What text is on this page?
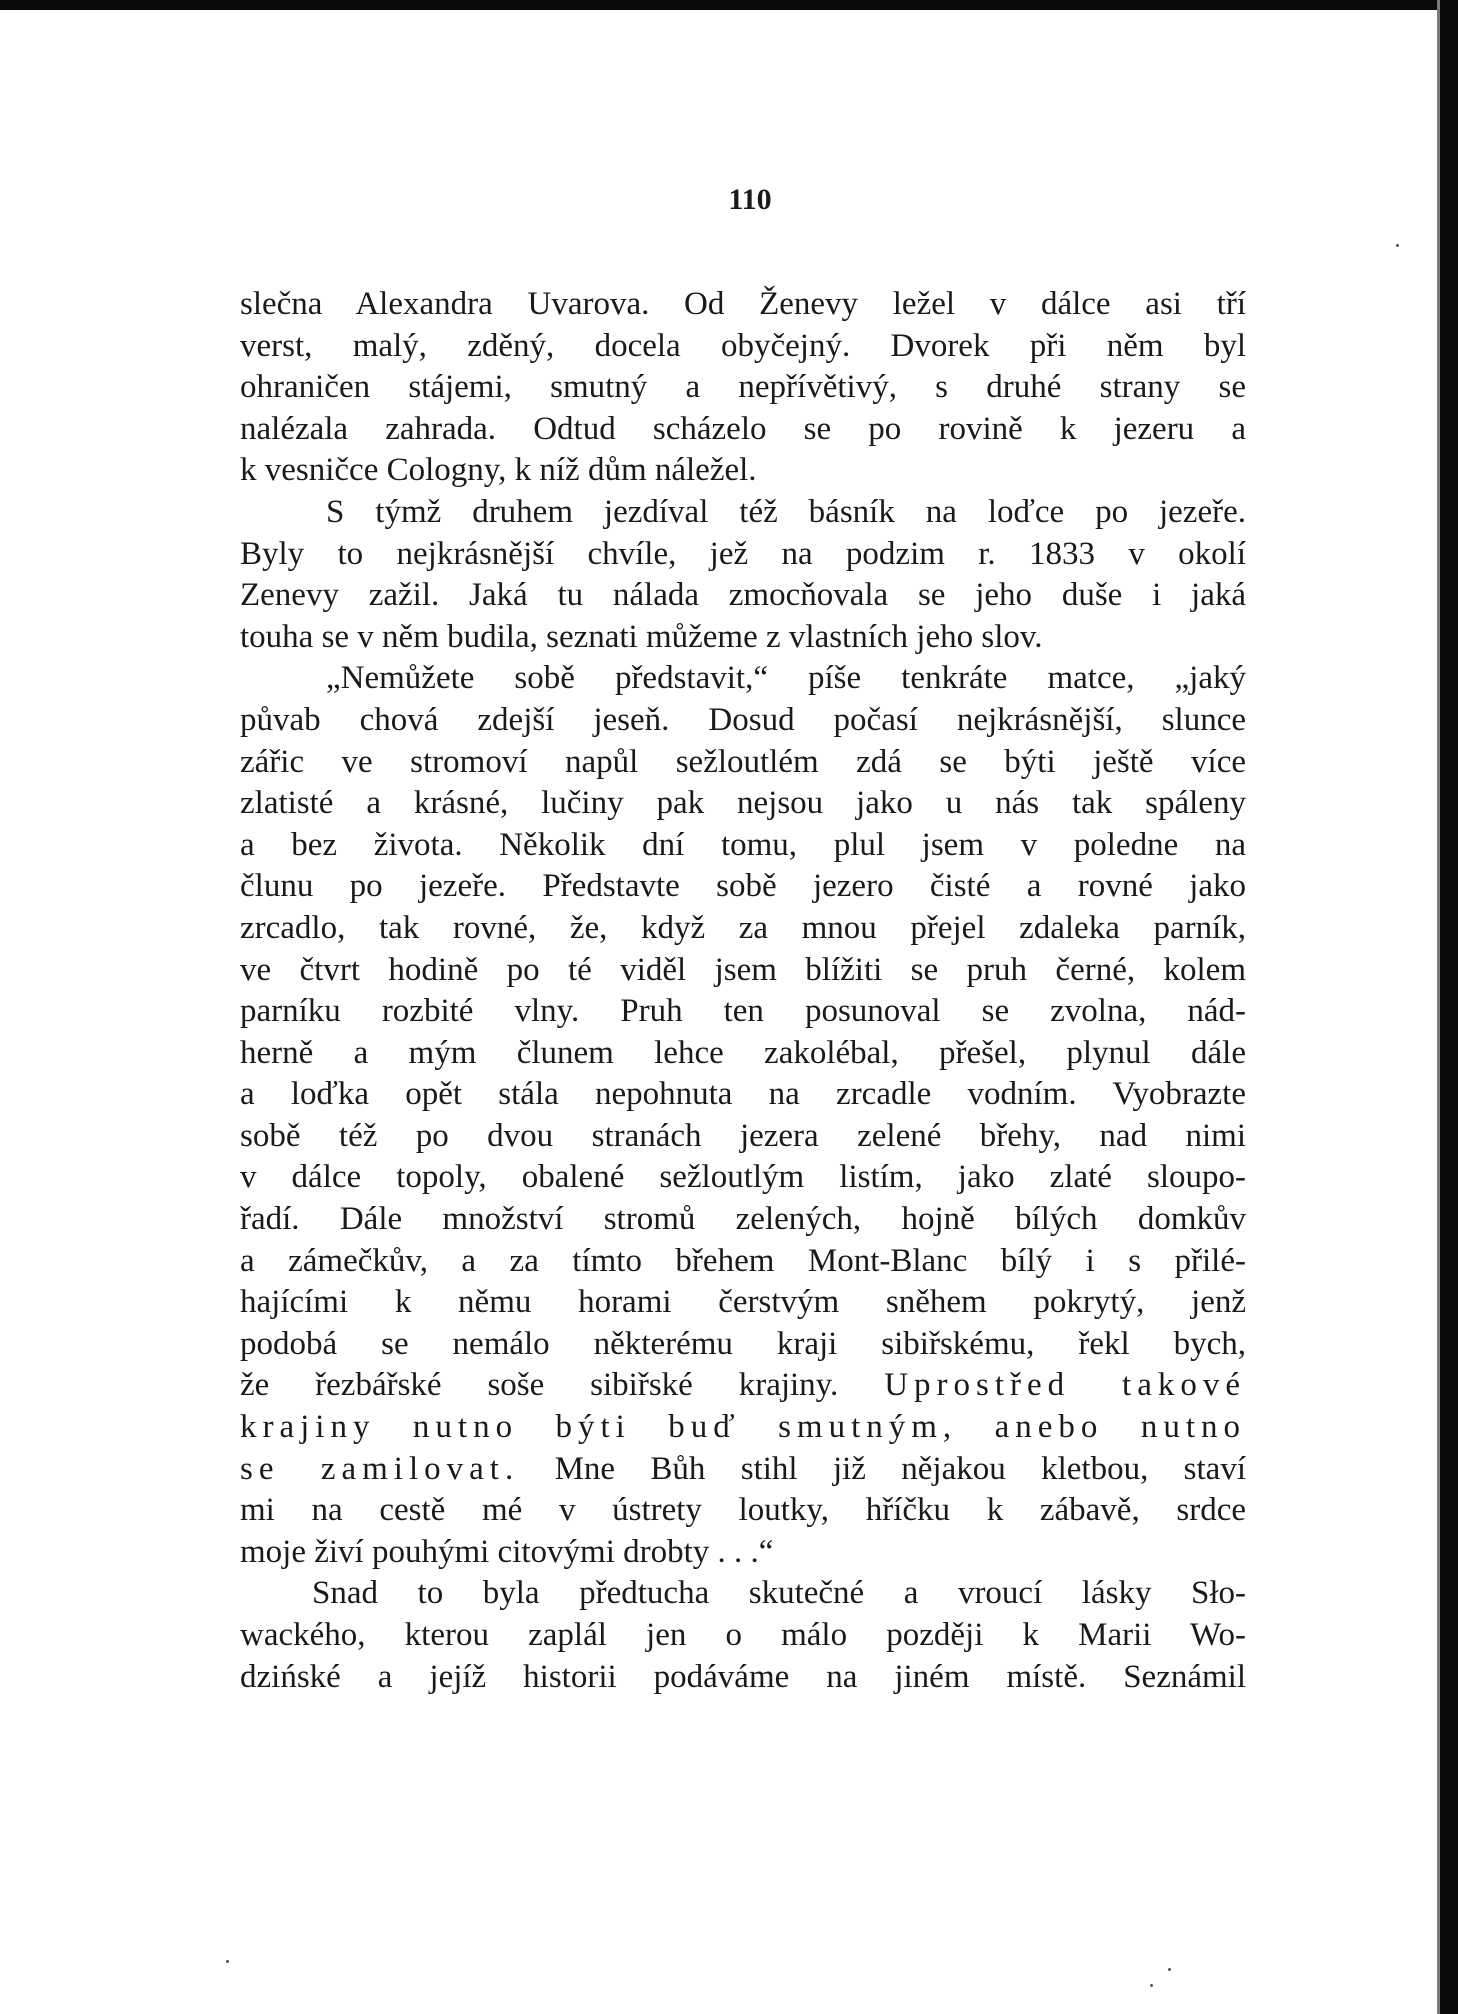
110
slečna Alexandra Uvarova. Od Ženevy ležel v dálce asi tří
verst, malý, zděný, docela obyčejný. Dvorek při něm byl
ohraničen stájemi, smutný a nepřívětivý, s druhé strany se
nalézala zahrada. Odtud scházelo se po rovině k jezeru a
k vesničce Cologny, k níž dům náležel.
S týmž druhem jezdíval též básník na loďce po jezeře.
Byly to nejkrásnější chvíle, jež na podzim r. 1833 v okolí
Zenevy zažil. Jaká tu nálada zmocňovala se jeho duše i jaká
touha se v něm budila, seznati můžeme z vlastních jeho slov.
„Nemůžete sobě představit,“ píše tenkráte matce, „jaký
půvab chová zdejší jeseň. Dosud počasí nejkrásnější, slunce
zářic ve stromoví napůl sežloutlém zdá se býti ještě více
zlatisté a krásné, lučiny pak nejsou jako u nás tak spáleny
a bez života. Několik dní tomu, plul jsem v poledne na
člunu po jezeře. Představte sobě jezero čisté a rovné jako
zrcadlo, tak rovné, že, když za mnou přejel zdaleka parník,
ve čtvrt hodině po té viděl jsem blížiti se pruh černé, kolem
parníku rozbité vlny. Pruh ten posunoval se zvolna, nád-
herně a mým člunem lehce zakolébal, přešel, plynul dále
a loďka opět stála nepohnuta na zrcadle vodním. Vyobrazte
sobě též po dvou stranách jezera zelené břehy, nad nimi
v dálce topoly, obalené sežloutlým listím, jako zlaté sloupo-
řadí. Dále množství stromů zelených, hojně bílých domkův
a zámečkův, a za tímto břehem Mont-Blanc bílý i s přilé-
hajícími k němu horami čerstvým sněhem pokrytý, jenž
podobá se nemálo některému kraji sibiřskému, řekl bych,
že řezbářské soše sibiřské krajiny. Uprostřed takové
krajiny nutno býti buď smutným, anebo nutno
se zamilovat. Mne Bůh stihl již nějakou kletbou, staví
mi na cestě mé v ústrety loutky, hříčku k zábavě, srdce
moje živí pouhými citovými drobty . . .“
Snad to byla předtucha skutečné a vroucí lásky Sło-
wackého, kterou zaplál jen o málo později k Marii Wo-
dzińské a jejíž historii podáváme na jiném místě. Seznámil
